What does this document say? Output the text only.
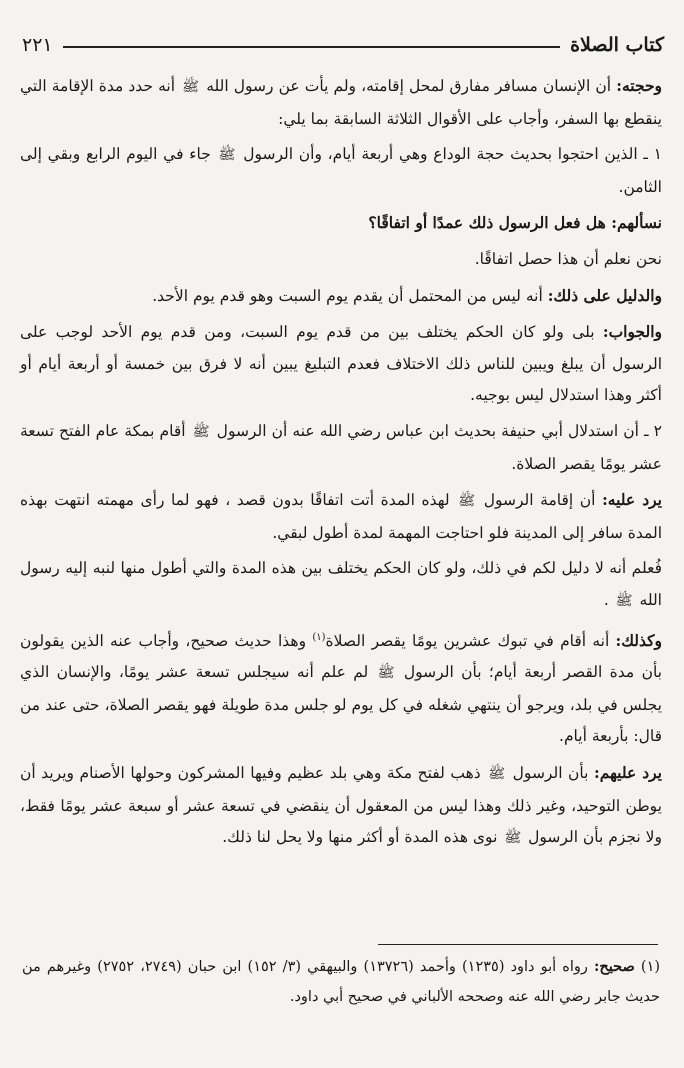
كتاب الصلاة
٢٢١

وحجته: أن الإنسان مسافر مفارق لمحل إقامته، ولم يأت عن رسول الله ﷺ أنه حدد مدة الإقامة التي ينقطع بها السفر، وأجاب على الأقوال الثلاثة السابقة بما يلي:

١ ـ الذين احتجوا بحديث حجة الوداع وهي أربعة أيام، وأن الرسول ﷺ جاء في اليوم الرابع وبقي إلى الثامن.

نسألهم: هل فعل الرسول ذلك عمدًا أو اتفاقًا؟

نحن نعلم أن هذا حصل اتفاقًا.

والدليل على ذلك: أنه ليس من المحتمل أن يقدم يوم السبت وهو قدم يوم الأحد.

والجواب: بلى ولو كان الحكم يختلف بين من قدم يوم السبت، ومن قدم يوم الأحد لوجب على الرسول أن يبلغ ويبين للناس ذلك الاختلاف فعدم التبليغ يبين أنه لا فرق بين خمسة أو أربعة أيام أو أكثر وهذا استدلال ليس بوجيه.

٢ ـ أن استدلال أبي حنيفة بحديث ابن عباس رضي الله عنه أن الرسول ﷺ أقام بمكة عام الفتح تسعة عشر يومًا يقصر الصلاة.

يرد عليه: أن إقامة الرسول ﷺ لهذه المدة أتت اتفاقًا بدون قصد ، فهو لما رأى مهمته انتهت بهذه المدة سافر إلى المدينة فلو احتاجت المهمة لمدة أطول لبقي.

فُعلم أنه لا دليل لكم في ذلك، ولو كان الحكم يختلف بين هذه المدة والتي أطول منها لنبه إليه رسول الله ﷺ .

وكذلك: أنه أقام في تبوك عشرين يومًا يقصر الصلاة$^{(١)}$ وهذا حديث صحيح، وأجاب عنه الذين يقولون بأن مدة القصر أربعة أيام؛ بأن الرسول ﷺ لم علم أنه سيجلس تسعة عشر يومًا، والإنسان الذي يجلس في بلد، ويرجو أن ينتهي شغله في كل يوم لو جلس مدة طويلة فهو يقصر الصلاة، حتى عند من قال: بأربعة أيام.

يرد عليهم: بأن الرسول ﷺ ذهب لفتح مكة وهي بلد عظيم وفيها المشركون وحولها الأصنام ويريد أن يوطن التوحيد، وغير ذلك وهذا ليس من المعقول أن ينقضي في تسعة عشر أو سبعة عشر يومًا فقط، ولا نجزم بأن الرسول ﷺ نوى هذه المدة أو أكثر منها ولا يحل لنا ذلك.

(١) صحيح: رواه أبو داود (١٢٣٥) وأحمد (١٣٧٢٦) والبيهقي (٣/ ١٥٢) ابن حبان (٢٧٤٩، ٢٧٥٢) وغيرهم من حديث جابر رضي الله عنه وصححه الألباني في صحيح أبي داود.
